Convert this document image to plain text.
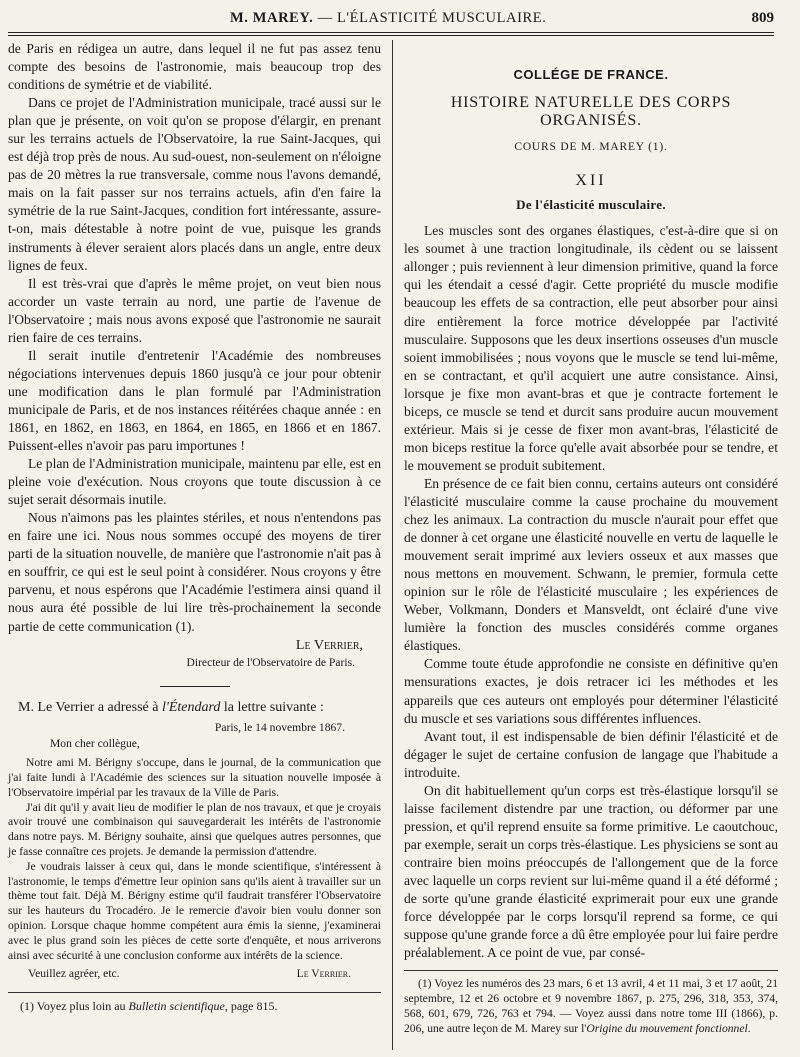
M. MAREY. — L'ÉLASTICITÉ MUSCULAIRE.	809

de Paris en rédigea un autre, dans lequel il ne fut pas assez tenu compte des besoins de l'astronomie, mais beaucoup trop des conditions de symétrie et de viabilité.

Dans ce projet de l'Administration municipale, tracé aussi sur le plan que je présente, on voit qu'on se propose d'élargir, en prenant sur les terrains actuels de l'Observatoire, la rue Saint-Jacques, qui est déjà trop près de nous. Au sud-ouest, non-seulement on n'éloigne pas de 20 mètres la rue transversale, comme nous l'avons demandé, mais on la fait passer sur nos terrains actuels, afin d'en faire la symétrie de la rue Saint-Jacques, condition fort intéressante, assure-t-on, mais détestable à notre point de vue, puisque les grands instruments à élever seraient alors placés dans un angle, entre deux lignes de feux.

Il est très-vrai que d'après le même projet, on veut bien nous accorder un vaste terrain au nord, une partie de l'avenue de l'Observatoire ; mais nous avons exposé que l'astronomie ne saurait rien faire de ces terrains.

Il serait inutile d'entretenir l'Académie des nombreuses négociations intervenues depuis 1860 jusqu'à ce jour pour obtenir une modification dans le plan formulé par l'Administration municipale de Paris, et de nos instances réitérées chaque année : en 1861, en 1862, en 1863, en 1864, en 1865, en 1866 et en 1867. Puissent-elles n'avoir pas paru importunes !

Le plan de l'Administration municipale, maintenu par elle, est en pleine voie d'exécution. Nous croyons que toute discussion à ce sujet serait désormais inutile.

Nous n'aimons pas les plaintes stériles, et nous n'entendons pas en faire une ici. Nous nous sommes occupé des moyens de tirer parti de la situation nouvelle, de manière que l'astronomie n'ait pas à en souffrir, ce qui est le seul point à considérer. Nous croyons y être parvenu, et nous espérons que l'Académie l'estimera ainsi quand il nous aura été possible de lui lire très-prochainement la seconde partie de cette communication (1).

Le Verrier,
Directeur de l'Observatoire de Paris.

M. Le Verrier a adressé à l'Étendard la lettre suivante :

Paris, le 14 novembre 1867.
Mon cher collègue,

Notre ami M. Bérigny s'occupe, dans le journal, de la communication que j'ai faite lundi à l'Académie des sciences sur la situation nouvelle imposée à l'Observatoire impérial par les travaux de la Ville de Paris.

J'ai dit qu'il y avait lieu de modifier le plan de nos travaux, et que je croyais avoir trouvé une combinaison qui sauvegarderait les intérêts de l'astronomie dans notre pays. M. Bérigny souhaite, ainsi que quelques autres personnes, que je fasse connaître ces projets. Je demande la permission d'attendre.

Je voudrais laisser à ceux qui, dans le monde scientifique, s'intéressent à l'astronomie, le temps d'émettre leur opinion sans qu'ils aient à travailler sur un thème tout fait. Déjà M. Bérigny estime qu'il faudrait transférer l'Observatoire sur les hauteurs du Trocadéro. Je le remercie d'avoir bien voulu donner son opinion. Lorsque chaque homme compétent aura émis la sienne, j'examinerai avec le plus grand soin les pièces de cette sorte d'enquête, et nous arriverons ainsi avec sécurité à une conclusion conforme aux intérêts de la science.

Veuillez agréer, etc.	Le Verrier.

(1) Voyez plus loin au Bulletin scientifique, page 815.

COLLÉGE DE FRANCE.
HISTOIRE NATURELLE DES CORPS ORGANISÉS.
COURS DE M. MAREY (1).
XII
De l'élasticité musculaire.

Les muscles sont des organes élastiques, c'est-à-dire que si on les soumet à une traction longitudinale, ils cèdent ou se laissent allonger ; puis reviennent à leur dimension primitive, quand la force qui les étendait a cessé d'agir. Cette propriété du muscle modifie beaucoup les effets de sa contraction, elle peut absorber pour ainsi dire entièrement la force motrice développée par l'activité musculaire. Supposons que les deux insertions osseuses d'un muscle soient immobilisées ; nous voyons que le muscle se tend lui-même, en se contractant, et qu'il acquiert une autre consistance. Ainsi, lorsque je fixe mon avant-bras et que je contracte fortement le biceps, ce muscle se tend et durcit sans produire aucun mouvement extérieur. Mais si je cesse de fixer mon avant-bras, l'élasticité de mon biceps restitue la force qu'elle avait absorbée pour se tendre, et le mouvement se produit subitement.

En présence de ce fait bien connu, certains auteurs ont considéré l'élasticité musculaire comme la cause prochaine du mouvement chez les animaux. La contraction du muscle n'aurait pour effet que de donner à cet organe une élasticité nouvelle en vertu de laquelle le mouvement serait imprimé aux leviers osseux et aux masses que nous mettons en mouvement. Schwann, le premier, formula cette opinion sur le rôle de l'élasticité musculaire ; les expériences de Weber, Volkmann, Donders et Mansveldt, ont éclairé d'une vive lumière la fonction des muscles considérés comme organes élastiques.

Comme toute étude approfondie ne consiste en définitive qu'en mensurations exactes, je dois retracer ici les méthodes et les appareils que ces auteurs ont employés pour déterminer l'élasticité du muscle et ses variations sous différentes influences.

Avant tout, il est indispensable de bien définir l'élasticité et de dégager le sujet de certaine confusion de langage que l'habitude a introduite.

On dit habituellement qu'un corps est très-élastique lorsqu'il se laisse facilement distendre par une traction, ou déformer par une pression, et qu'il reprend ensuite sa forme primitive. Le caoutchouc, par exemple, serait un corps très-élastique. Les physiciens se sont au contraire bien moins préoccupés de l'allongement que de la force avec laquelle un corps revient sur lui-même quand il a été déformé ; de sorte qu'une grande élasticité exprimerait pour eux une grande force développée par le corps lorsqu'il reprend sa forme, ce qui suppose qu'une grande force a dû être employée pour lui faire perdre préalablement. A ce point de vue, par consé-

(1) Voyez les numéros des 23 mars, 6 et 13 avril, 4 et 11 mai, 3 et 17 août, 21 septembre, 12 et 26 octobre et 9 novembre 1867, p. 275, 296, 318, 353, 374, 568, 601, 679, 726, 763 et 794. — Voyez aussi dans notre tome III (1866), p. 206, une autre leçon de M. Marey sur l'Origine du mouvement fonctionnel.
